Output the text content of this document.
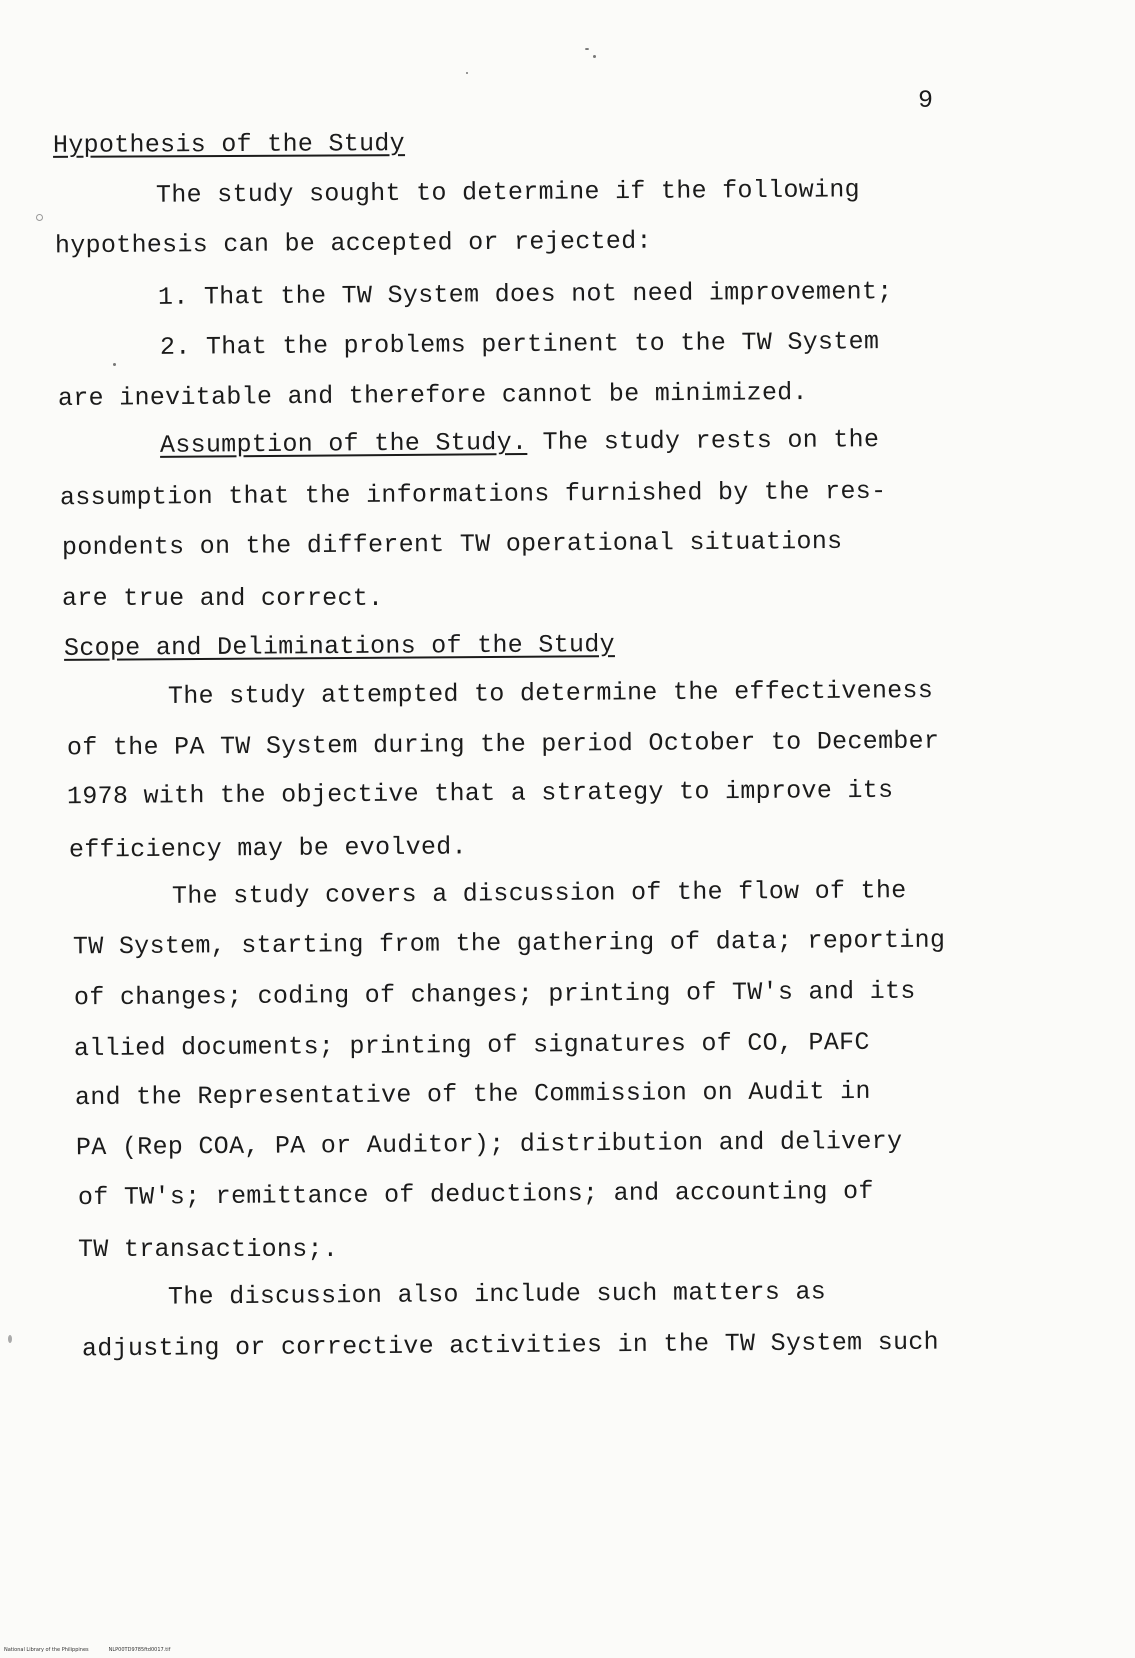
9
Hypothesis of the Study
The study sought to determine if the following
hypothesis can be accepted or rejected:
1. That the TW System does not need improvement;
2. That the problems pertinent to the TW System
are inevitable and therefore cannot be minimized.
Assumption of the Study. The study rests on the
assumption that the informations furnished by the res-
pondents on the different TW operational situations
are true and correct.
Scope and Deliminations of the Study
The study attempted to determine the effectiveness
of the PA TW System during the period October to December
1978 with the objective that a strategy to improve its
efficiency may be evolved.
The study covers a discussion of the flow of the
TW System, starting from the gathering of data; reporting
of changes; coding of changes; printing of TW's and its
allied documents; printing of signatures of CO, PAFC
and the Representative of the Commission on Audit in
PA (Rep COA, PA or Auditor); distribution and delivery
of TW's; remittance of deductions; and accounting of
TW transactions;.
The discussion also include such matters as
adjusting or corrective activities in the TW System such
National Library of the Philippines	NLP00TD9785ftd0017.tif
